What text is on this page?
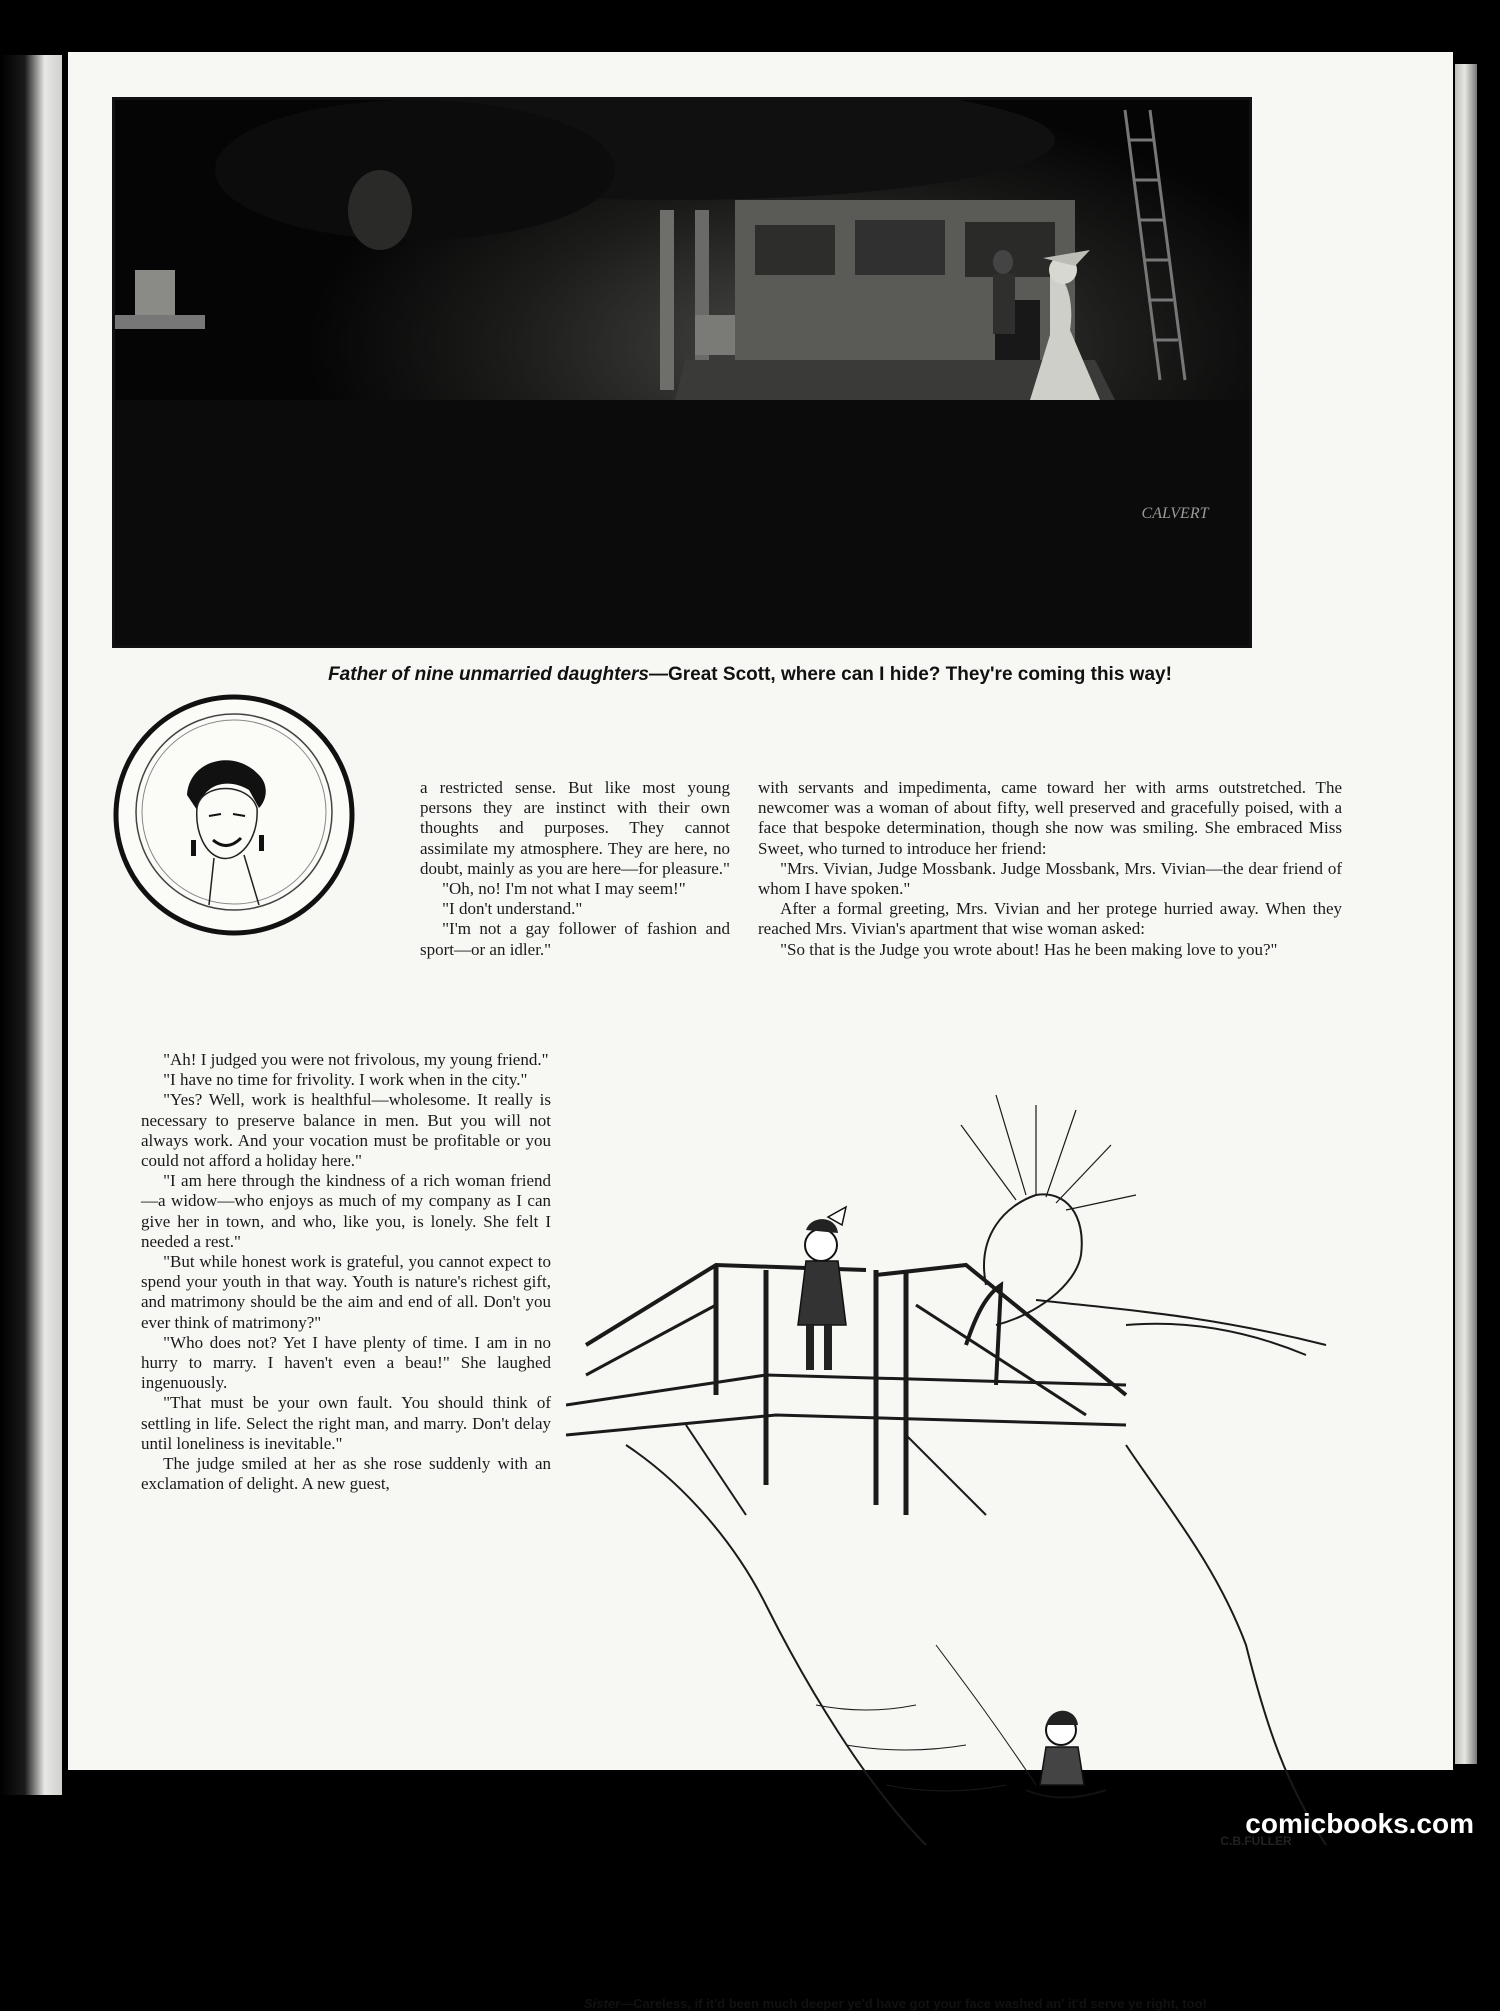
CALVERT
Father of nine unmarried daughters—Great Scott, where can I hide? They're coming this way!

a restricted sense. But like most young persons they are instinct with their own thoughts and purposes. They cannot assimilate my atmosphere. They are here, no doubt, mainly as you are here—for pleasure."

"Oh, no! I'm not what I may seem!"

"I don't understand."

"I'm not a gay follower of fashion and sport—or an idler."

with servants and impedimenta, came toward her with arms outstretched. The newcomer was a woman of about fifty, well preserved and gracefully poised, with a face that bespoke determination, though she now was smiling. She embraced Miss Sweet, who turned to introduce her friend:

"Mrs. Vivian, Judge Mossbank. Judge Mossbank, Mrs. Vivian—the dear friend of whom I have spoken."

After a formal greeting, Mrs. Vivian and her protege hurried away. When they reached Mrs. Vivian's apartment that wise woman asked:

"So that is the Judge you wrote about! Has he been making love to you?"

"Ah! I judged you were not frivolous, my young friend."

"I have no time for frivolity. I work when in the city."

"Yes? Well, work is healthful—wholesome. It really is necessary to preserve balance in men. But you will not always work. And your vocation must be profitable or you could not afford a holiday here."

"I am here through the kindness of a rich woman friend—a widow—who enjoys as much of my company as I can give her in town, and who, like you, is lonely. She felt I needed a rest."

"But while honest work is grateful, you cannot expect to spend your youth in that way. Youth is nature's richest gift, and matrimony should be the aim and end of all. Don't you ever think of matrimony?"

"Who does not? Yet I have plenty of time. I am in no hurry to marry. I haven't even a beau!" She laughed ingenuously.

"That must be your own fault. You should think of settling in life. Select the right man, and marry. Don't delay until loneliness is inevitable."

The judge smiled at her as she rose suddenly with an exclamation of delight. A new guest,

C.B.FULLER
Sister—Careless, if it'd been much deeper ye'd have got your face washed an' it'd serve ye right, too!
comicbooks.com
